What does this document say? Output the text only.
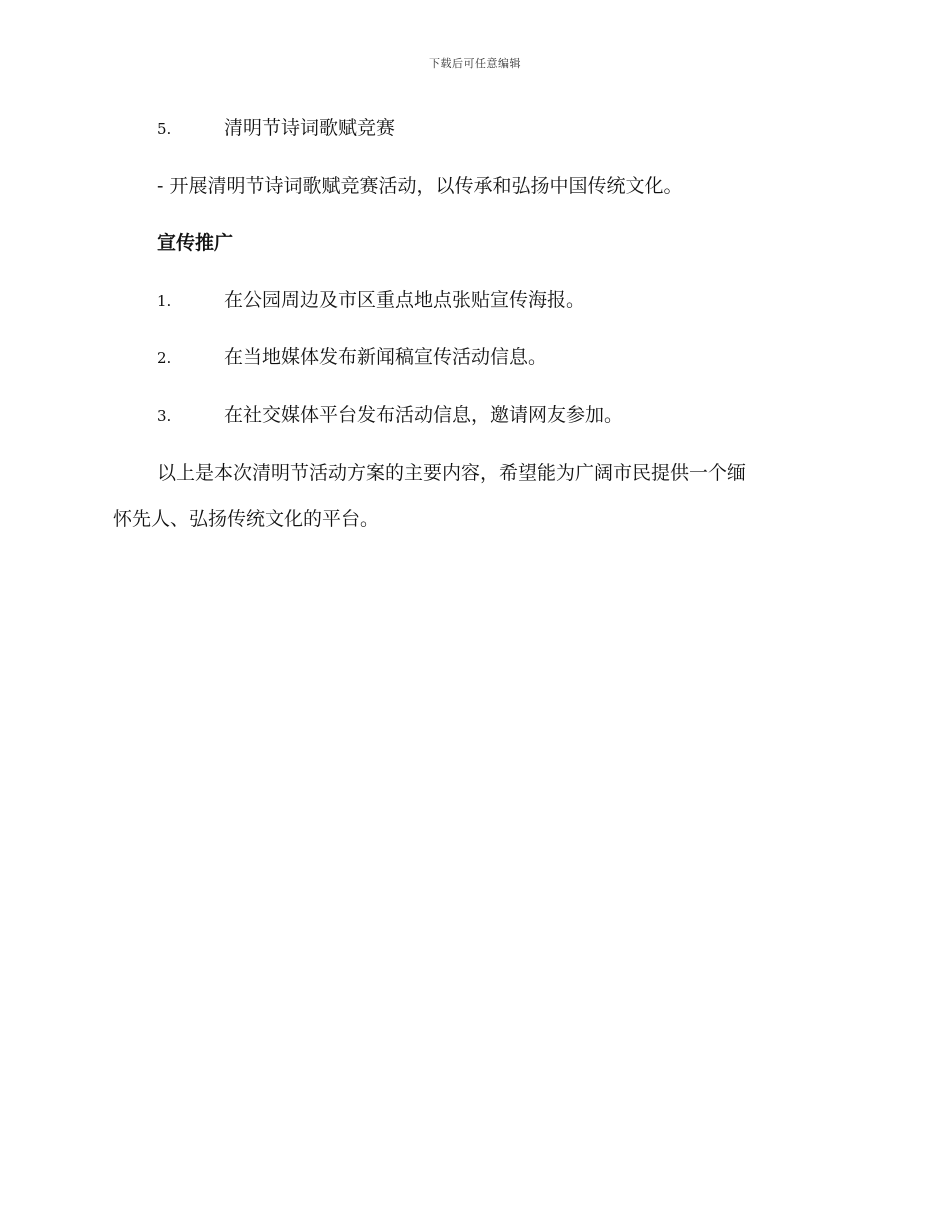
下载后可任意编辑
5.	清明节诗词歌赋竞赛
- 开展清明节诗词歌赋竞赛活动，以传承和弘扬中国传统文化。
宣传推广
1.	在公园周边及市区重点地点张贴宣传海报。
2.	在当地媒体发布新闻稿宣传活动信息。
3.	在社交媒体平台发布活动信息，邀请网友参加。
以上是本次清明节活动方案的主要内容，希望能为广阔市民提供一个缅
怀先人、弘扬传统文化的平台。
